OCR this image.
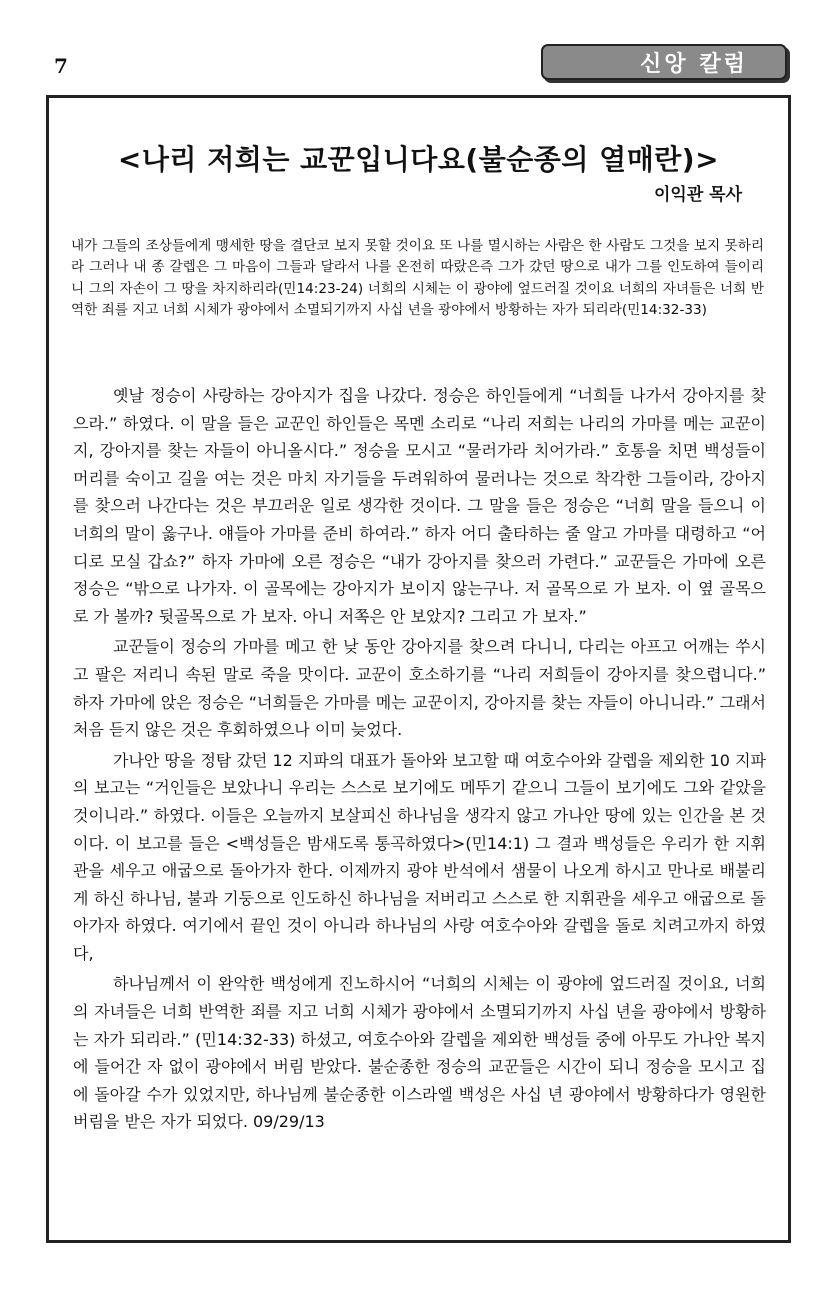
7	신앙 칼럼
<나리 저희는 교꾼입니다요(불순종의 열매란)>
이익관 목사
내가 그들의 조상들에게 맹세한 땅을 결단코 보지 못할 것이요 또 나를 멸시하는 사람은 한 사람도 그것을 보지 못하리라 그러나 내 종 갈렙은 그 마음이 그들과 달라서 나를 온전히 따랐은즉 그가 갔던 땅으로 내가 그를 인도하여 들이리니 그의 자손이 그 땅을 차지하리라(민14:23-24) 너희의 시체는 이 광야에 엎드러질 것이요 너희의 자녀들은 너희 반역한 죄를 지고 너희 시체가 광야에서 소멸되기까지 사십 년을 광야에서 방황하는 자가 되리라(민14:32-33)

옛날 정승이 사랑하는 강아지가 집을 나갔다. 정승은 하인들에게 “너희들 나가서 강아지를 찾으라.” 하였다. 이 말을 들은 교꾼인 하인들은 목멘 소리로 “나리 저희는 나리의 가마를 메는 교꾼이지, 강아지를 찾는 자들이 아니올시다.” 정승을 모시고 “물러가라 치어가라.” 호통을 치면 백성들이 머리를 숙이고 길을 여는 것은 마치 자기들을 두려워하여 물러나는 것으로 착각한 그들이라, 강아지를 찾으러 나간다는 것은 부끄러운 일로 생각한 것이다. 그 말을 들은 정승은 “너희 말을 들으니 이 너희의 말이 옳구나. 얘들아 가마를 준비 하여라.” 하자 어디 출타하는 줄 알고 가마를 대령하고 “어디로 모실 갑쇼?” 하자 가마에 오른 정승은 “내가 강아지를 찾으러 가련다.” 교꾼들은 가마에 오른 정승은 “밖으로 나가자. 이 골목에는 강아지가 보이지 않는구나. 저 골목으로 가 보자. 이 옆 골목으로 가 볼까? 뒷골목으로 가 보자. 아니 저쪽은 안 보았지? 그리고 가 보자.”

교꾼들이 정승의 가마를 메고 한 낮 동안 강아지를 찾으려 다니니, 다리는 아프고 어깨는 쑤시고 팔은 저리니 속된 말로 죽을 맛이다. 교꾼이 호소하기를 “나리 저희들이 강아지를 찾으렵니다.” 하자 가마에 앉은 정승은 “너희들은 가마를 메는 교꾼이지, 강아지를 찾는 자들이 아니니라.” 그래서 처음 듣지 않은 것은 후회하였으나 이미 늦었다.

가나안 땅을 정탐 갔던 12 지파의 대표가 돌아와 보고할 때 여호수아와 갈렙을 제외한 10 지파의 보고는 “거인들은 보았나니 우리는 스스로 보기에도 메뚜기 같으니 그들이 보기에도 그와 같았을 것이니라.” 하였다. 이들은 오늘까지 보살피신 하나님을 생각지 않고 가나안 땅에 있는 인간을 본 것이다. 이 보고를 들은 <백성들은 밤새도록 통곡하였다>(민14:1) 그 결과 백성들은 우리가 한 지휘관을 세우고 애굽으로 돌아가자 한다. 이제까지 광야 반석에서 샘물이 나오게 하시고 만나로 배불리게 하신 하나님, 불과 기둥으로 인도하신 하나님을 저버리고 스스로 한 지휘관을 세우고 애굽으로 돌아가자 하였다. 여기에서 끝인 것이 아니라 하나님의 사랑 여호수아와 갈렙을 돌로 치려고까지 하였다,

하나님께서 이 완악한 백성에게 진노하시어 “너희의 시체는 이 광야에 엎드러질 것이요, 너희의 자녀들은 너희 반역한 죄를 지고 너희 시체가 광야에서 소멸되기까지 사십 년을 광야에서 방황하는 자가 되리라.” (민14:32-33) 하셨고, 여호수아와 갈렙을 제외한 백성들 중에 아무도 가나안 복지에 들어간 자 없이 광야에서 버림 받았다. 불순종한 정승의 교꾼들은 시간이 되니 정승을 모시고 집에 돌아갈 수가 있었지만, 하나님께 불순종한 이스라엘 백성은 사십 년 광야에서 방황하다가 영원한 버림을 받은 자가 되었다. 09/29/13
